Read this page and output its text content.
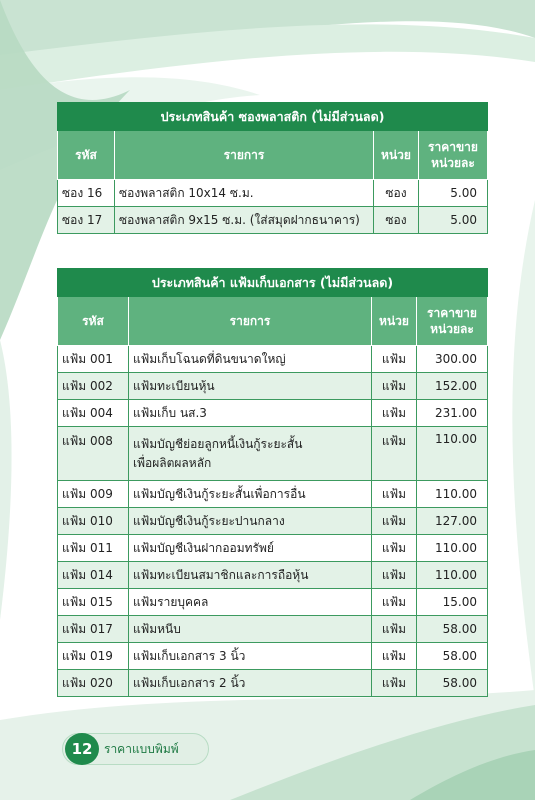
ประเภทสินค้า ซองพลาสติก (ไม่มีส่วนลด)			
รหัส	รายการ	หน่วย	ราคาขาย
หน่วยละ

ซอง 16	ซองพลาสติก 10x14 ซ.ม.	ซอง	5.00
ซอง 17	ซองพลาสติก 9x15 ซ.ม. (ใส่สมุดฝากธนาคาร)	ซอง	5.00
ประเภทสินค้า แฟ้มเก็บเอกสาร (ไม่มีส่วนลด)			
รหัส	รายการ	หน่วย	ราคาขาย
หน่วยละ

แฟ้ม 001	แฟ้มเก็บโฉนดที่ดินขนาดใหญ่	แฟ้ม	300.00
แฟ้ม 002	แฟ้มทะเบียนหุ้น	แฟ้ม	152.00
แฟ้ม 004	แฟ้มเก็บ นส.3	แฟ้ม	231.00
แฟ้ม 008	แฟ้มบัญชีย่อยลูกหนี้เงินกู้ระยะสั้น
เพื่อผลิตผลหลัก	แฟ้ม	110.00
แฟ้ม 009	แฟ้มบัญชีเงินกู้ระยะสั้นเพื่อการอื่น	แฟ้ม	110.00
แฟ้ม 010	แฟ้มบัญชีเงินกู้ระยะปานกลาง	แฟ้ม	127.00
แฟ้ม 011	แฟ้มบัญชีเงินฝากออมทรัพย์	แฟ้ม	110.00
แฟ้ม 014	แฟ้มทะเบียนสมาชิกและการถือหุ้น	แฟ้ม	110.00
แฟ้ม 015	แฟ้มรายบุคคล	แฟ้ม	15.00
แฟ้ม 017	แฟ้มหนีบ	แฟ้ม	58.00
แฟ้ม 019	แฟ้มเก็บเอกสาร 3 นิ้ว	แฟ้ม	58.00
แฟ้ม 020	แฟ้มเก็บเอกสาร 2 นิ้ว	แฟ้ม	58.00
12 ราคาแบบพิมพ์
